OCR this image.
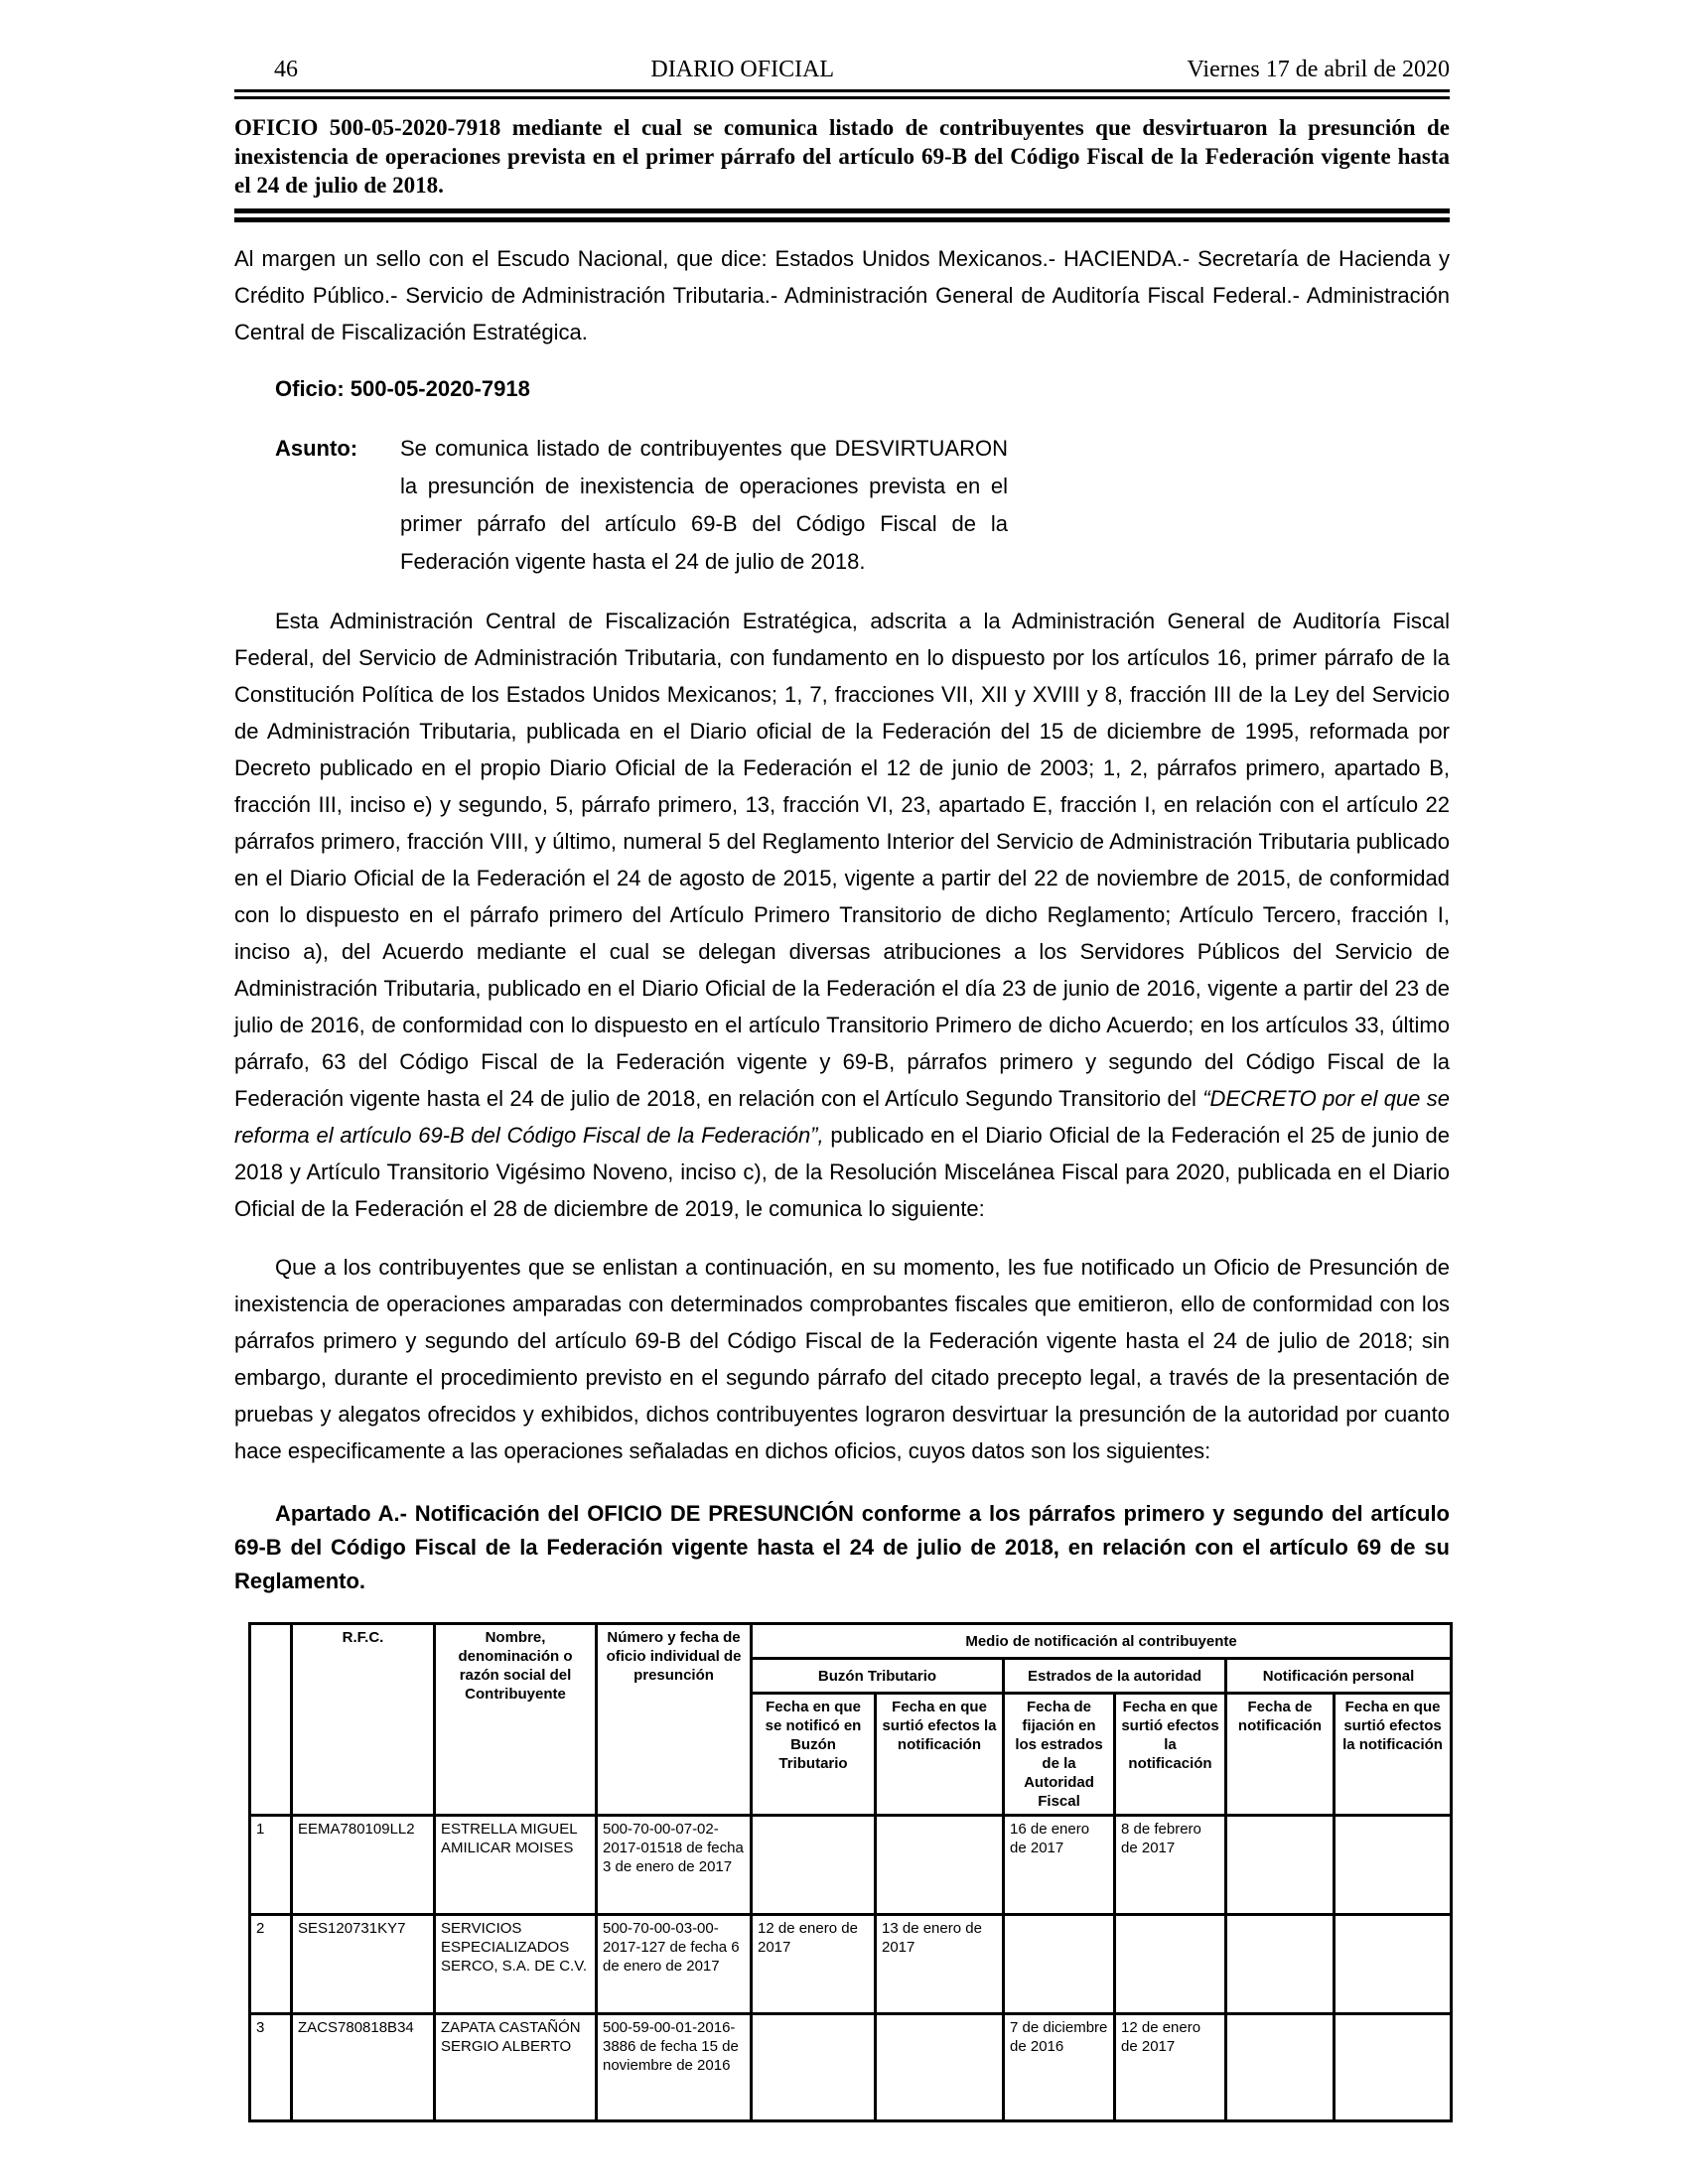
46	DIARIO OFICIAL	Viernes 17 de abril de 2020
OFICIO 500-05-2020-7918 mediante el cual se comunica listado de contribuyentes que desvirtuaron la presunción de inexistencia de operaciones prevista en el primer párrafo del artículo 69-B del Código Fiscal de la Federación vigente hasta el 24 de julio de 2018.

Al margen un sello con el Escudo Nacional, que dice: Estados Unidos Mexicanos.- HACIENDA.- Secretaría de Hacienda y Crédito Público.- Servicio de Administración Tributaria.- Administración General de Auditoría Fiscal Federal.- Administración Central de Fiscalización Estratégica.

Oficio: 500-05-2020-7918

Asunto:	Se comunica listado de contribuyentes que DESVIRTUARON la presunción de inexistencia de operaciones prevista en el primer párrafo del artículo 69-B del Código Fiscal de la Federación vigente hasta el 24 de julio de 2018.

Esta Administración Central de Fiscalización Estratégica, adscrita a la Administración General de Auditoría Fiscal Federal, del Servicio de Administración Tributaria, con fundamento en lo dispuesto por los artículos 16, primer párrafo de la Constitución Política de los Estados Unidos Mexicanos; 1, 7, fracciones VII, XII y XVIII y 8, fracción III de la Ley del Servicio de Administración Tributaria, publicada en el Diario oficial de la Federación del 15 de diciembre de 1995, reformada por Decreto publicado en el propio Diario Oficial de la Federación el 12 de junio de 2003; 1, 2, párrafos primero, apartado B, fracción III, inciso e) y segundo, 5, párrafo primero, 13, fracción VI, 23, apartado E, fracción I, en relación con el artículo 22 párrafos primero, fracción VIII, y último, numeral 5 del Reglamento Interior del Servicio de Administración Tributaria publicado en el Diario Oficial de la Federación el 24 de agosto de 2015, vigente a partir del 22 de noviembre de 2015, de conformidad con lo dispuesto en el párrafo primero del Artículo Primero Transitorio de dicho Reglamento; Artículo Tercero, fracción I, inciso a), del Acuerdo mediante el cual se delegan diversas atribuciones a los Servidores Públicos del Servicio de Administración Tributaria, publicado en el Diario Oficial de la Federación el día 23 de junio de 2016, vigente a partir del 23 de julio de 2016, de conformidad con lo dispuesto en el artículo Transitorio Primero de dicho Acuerdo; en los artículos 33, último párrafo, 63 del Código Fiscal de la Federación vigente y 69-B, párrafos primero y segundo del Código Fiscal de la Federación vigente hasta el 24 de julio de 2018, en relación con el Artículo Segundo Transitorio del “DECRETO por el que se reforma el artículo 69-B del Código Fiscal de la Federación”, publicado en el Diario Oficial de la Federación el 25 de junio de 2018 y Artículo Transitorio Vigésimo Noveno, inciso c), de la Resolución Miscelánea Fiscal para 2020, publicada en el Diario Oficial de la Federación el 28 de diciembre de 2019, le comunica lo siguiente:

Que a los contribuyentes que se enlistan a continuación, en su momento, les fue notificado un Oficio de Presunción de inexistencia de operaciones amparadas con determinados comprobantes fiscales que emitieron, ello de conformidad con los párrafos primero y segundo del artículo 69-B del Código Fiscal de la Federación vigente hasta el 24 de julio de 2018; sin embargo, durante el procedimiento previsto en el segundo párrafo del citado precepto legal, a través de la presentación de pruebas y alegatos ofrecidos y exhibidos, dichos contribuyentes lograron desvirtuar la presunción de la autoridad por cuanto hace especificamente a las operaciones señaladas en dichos oficios, cuyos datos son los siguientes:

Apartado A.- Notificación del OFICIO DE PRESUNCIÓN conforme a los párrafos primero y segundo del artículo 69-B del Código Fiscal de la Federación vigente hasta el 24 de julio de 2018, en relación con el artículo 69 de su Reglamento.

	R.F.C.	Nombre, denominación o razón social del Contribuyente	Número y fecha de oficio individual de presunción	Medio de notificación al contribuyente					
				Buzón Tributario		Estrados de la autoridad		Notificación personal	
				Fecha en que se notificó en Buzón Tributario	Fecha en que surtió efectos la notificación	Fecha de fijación en los estrados de la Autoridad Fiscal	Fecha en que surtió efectos la notificación	Fecha de notificación	Fecha en que surtió efectos la notificación
1	EEMA780109LL2	ESTRELLA MIGUEL AMILICAR MOISES	500-70-00-07-02-2017-01518 de fecha 3 de enero de 2017			16 de enero de 2017	8 de febrero de 2017		
2	SES120731KY7	SERVICIOS ESPECIALIZADOS SERCO, S.A. DE C.V.	500-70-00-03-00-2017-127 de fecha 6 de enero de 2017	12 de enero de 2017	13 de enero de 2017				
3	ZACS780818B34	ZAPATA CASTAÑÓN SERGIO ALBERTO	500-59-00-01-2016-3886 de fecha 15 de noviembre de 2016			7 de diciembre de 2016	12 de enero de 2017		
